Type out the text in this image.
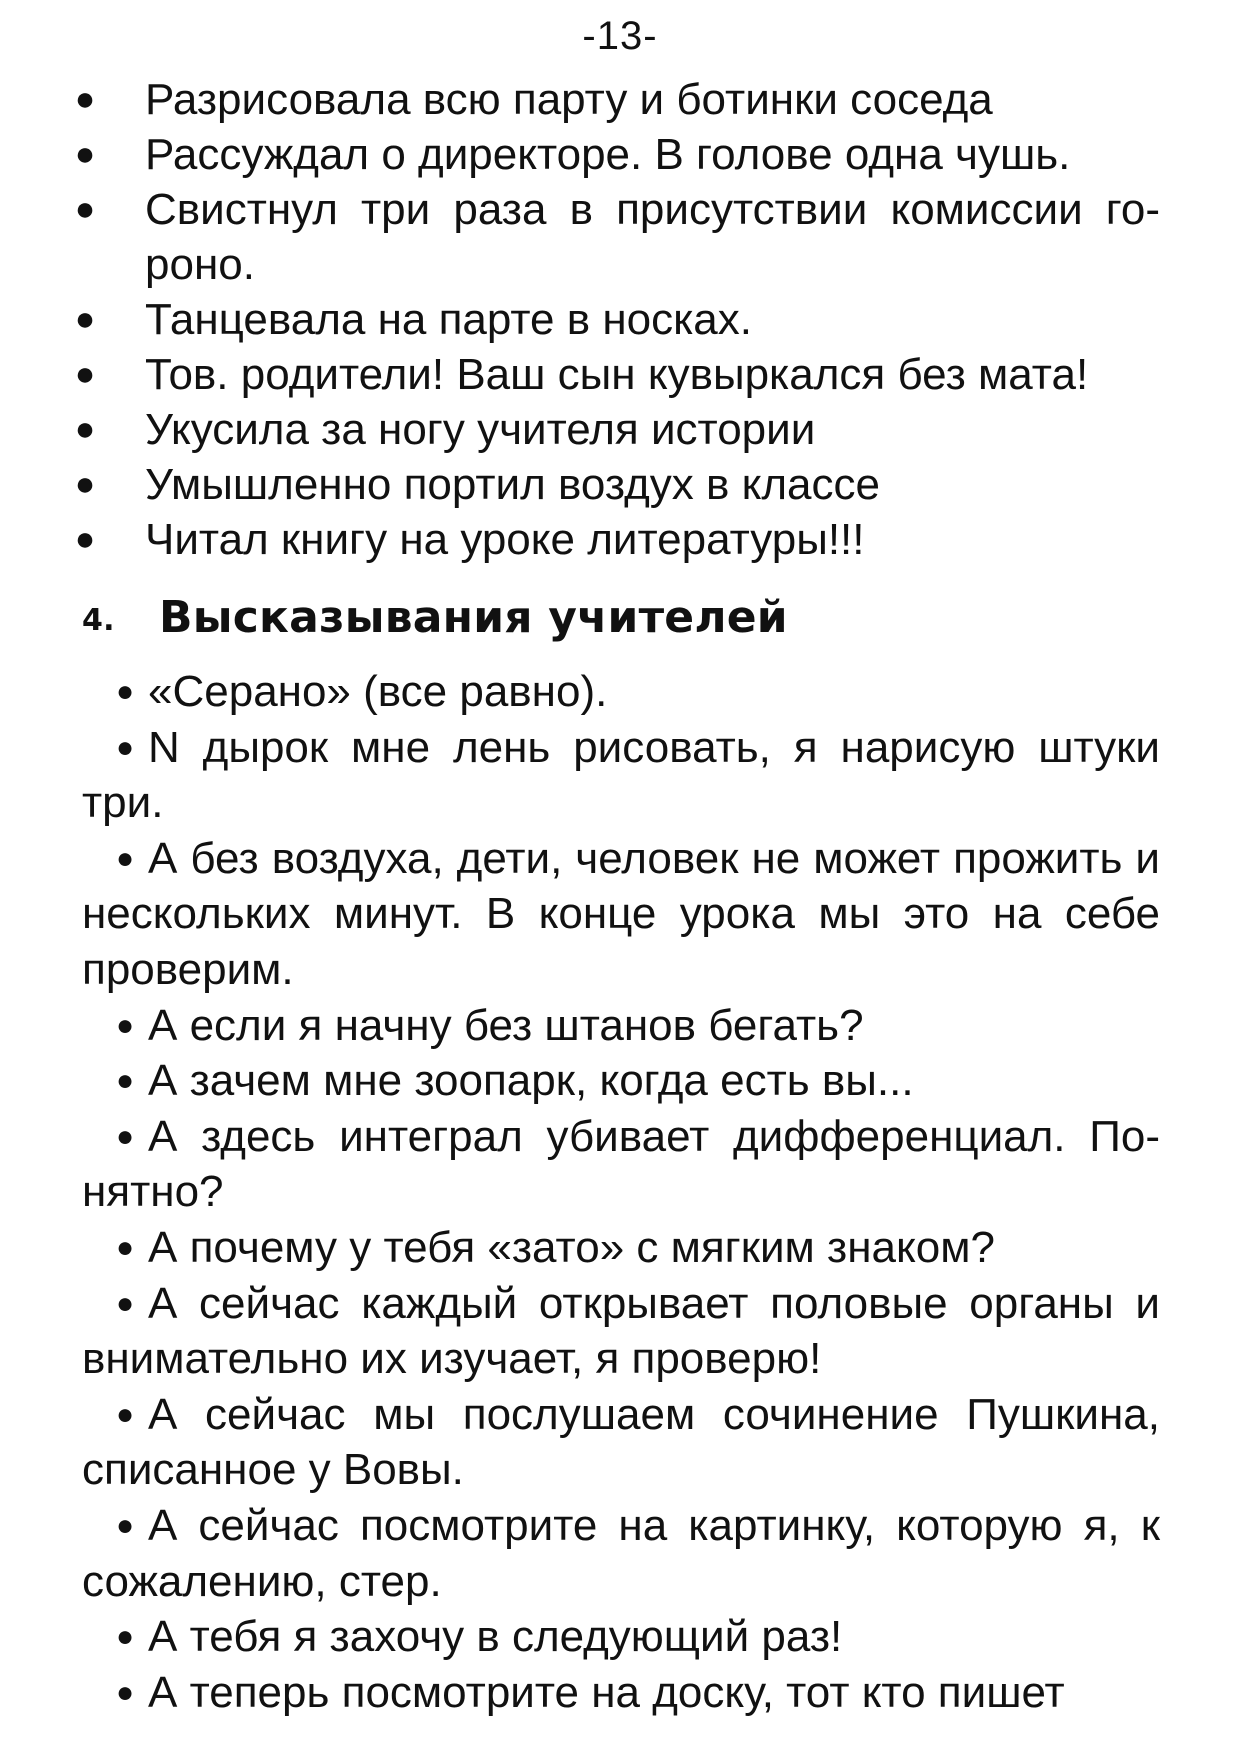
-13-
● Разрисовала всю парту и ботинки соседа
● Рассуждал о директоре. В голове одна чушь.
● Свистнул три раза в присутствии комиссии го-роно.
● Танцевала на парте в носках.
● Тов. родители! Ваш сын кувыркался без мата!
● Укусила за ногу учителя истории
● Умышленно портил воздух в классе
● Читал книгу на уроке литературы!!!
4. Высказывания учителей

● «Серано» (все равно).

● N дырок мне лень рисовать, я нарисую штуки три.

● А без воздуха, дети, человек не может прожить и нескольких минут. В конце урока мы это на себе проверим.

● А если я начну без штанов бегать?

● А зачем мне зоопарк, когда есть вы...

● А здесь интеграл убивает дифференциал. По-нятно?

● А почему у тебя «зато» с мягким знаком?

● А сейчас каждый открывает половые органы и внимательно их изучает, я проверю!

● А сейчас мы послушаем сочинение Пушкина, списанное у Вовы.

● А сейчас посмотрите на картинку, которую я, к сожалению, стер.

● А тебя я захочу в следующий раз!

● А теперь посмотрите на доску, тот кто пишет
